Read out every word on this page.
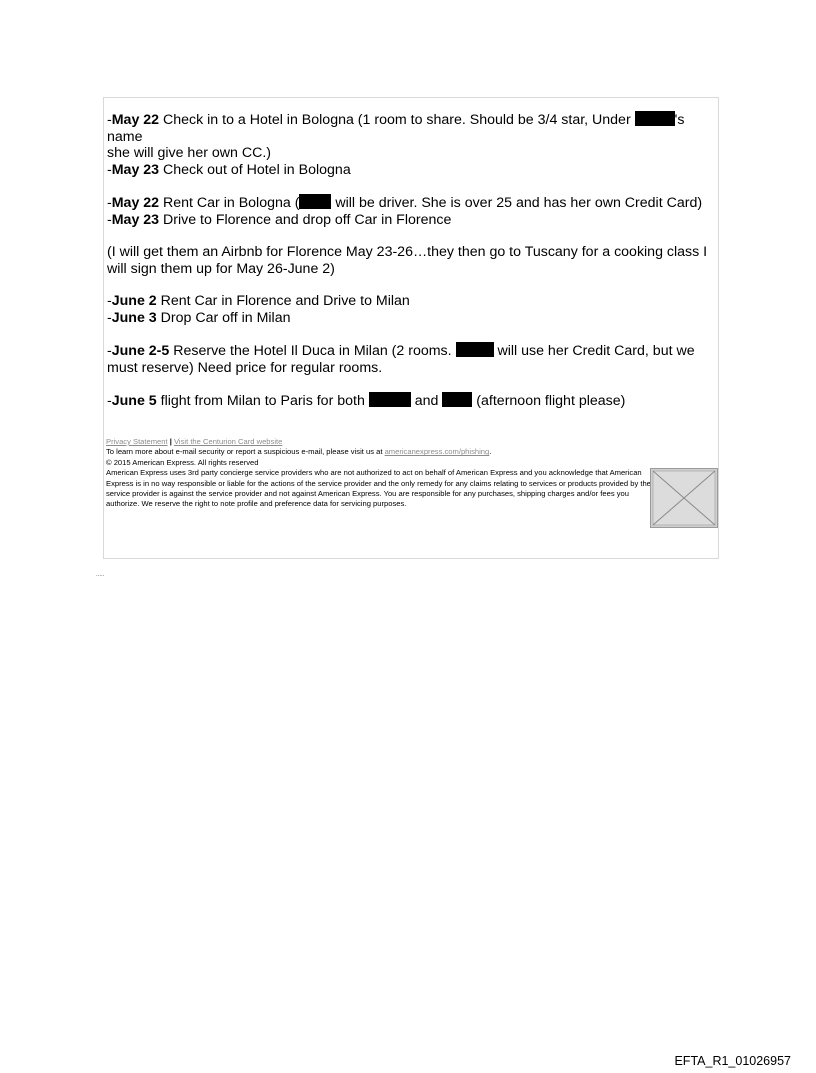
-May 22 Check in to a Hotel in Bologna (1 room to share. Should be 3/4 star, Under	's name

she will give her own CC.)

-May 23 Check out of Hotel in Bologna

-May 22 Rent Car in Bologna ( will be driver. She is over 25 and has her own Credit Card)

-May 23 Drive to Florence and drop off Car in Florence

(I will get them an Airbnb for Florence May 23-26…they then go to Tuscany for a cooking class I

will sign them up for May 26-June 2)

-June 2 Rent Car in Florence and Drive to Milan

-June 3 Drop Car off in Milan

-June 2-5 Reserve the Hotel Il Duca in Milan (2 rooms.	will use her Credit Card, but we

must reserve) Need price for regular rooms.

-June 5 flight from Milan to Paris for both	and  (afternoon flight please)

Privacy Statement | Visit the Centurion Card website

To learn more about e-mail security or report a suspicious e-mail, please visit us at americanexpress.com/phishing.

© 2015 American Express. All rights reserved

American Express uses 3rd party concierge service providers who are not authorized to act on behalf of American Express and you acknowledge that American Express is in no way responsible or liable for the actions of the service provider and the only remedy for any claims relating to services or products provided by the service provider is against the service provider and not against American Express. You are responsible for any purchases, shipping charges and/or fees you authorize. We reserve the right to note profile and preference data for servicing purposes.

.....
EFTA_R1_01026957
